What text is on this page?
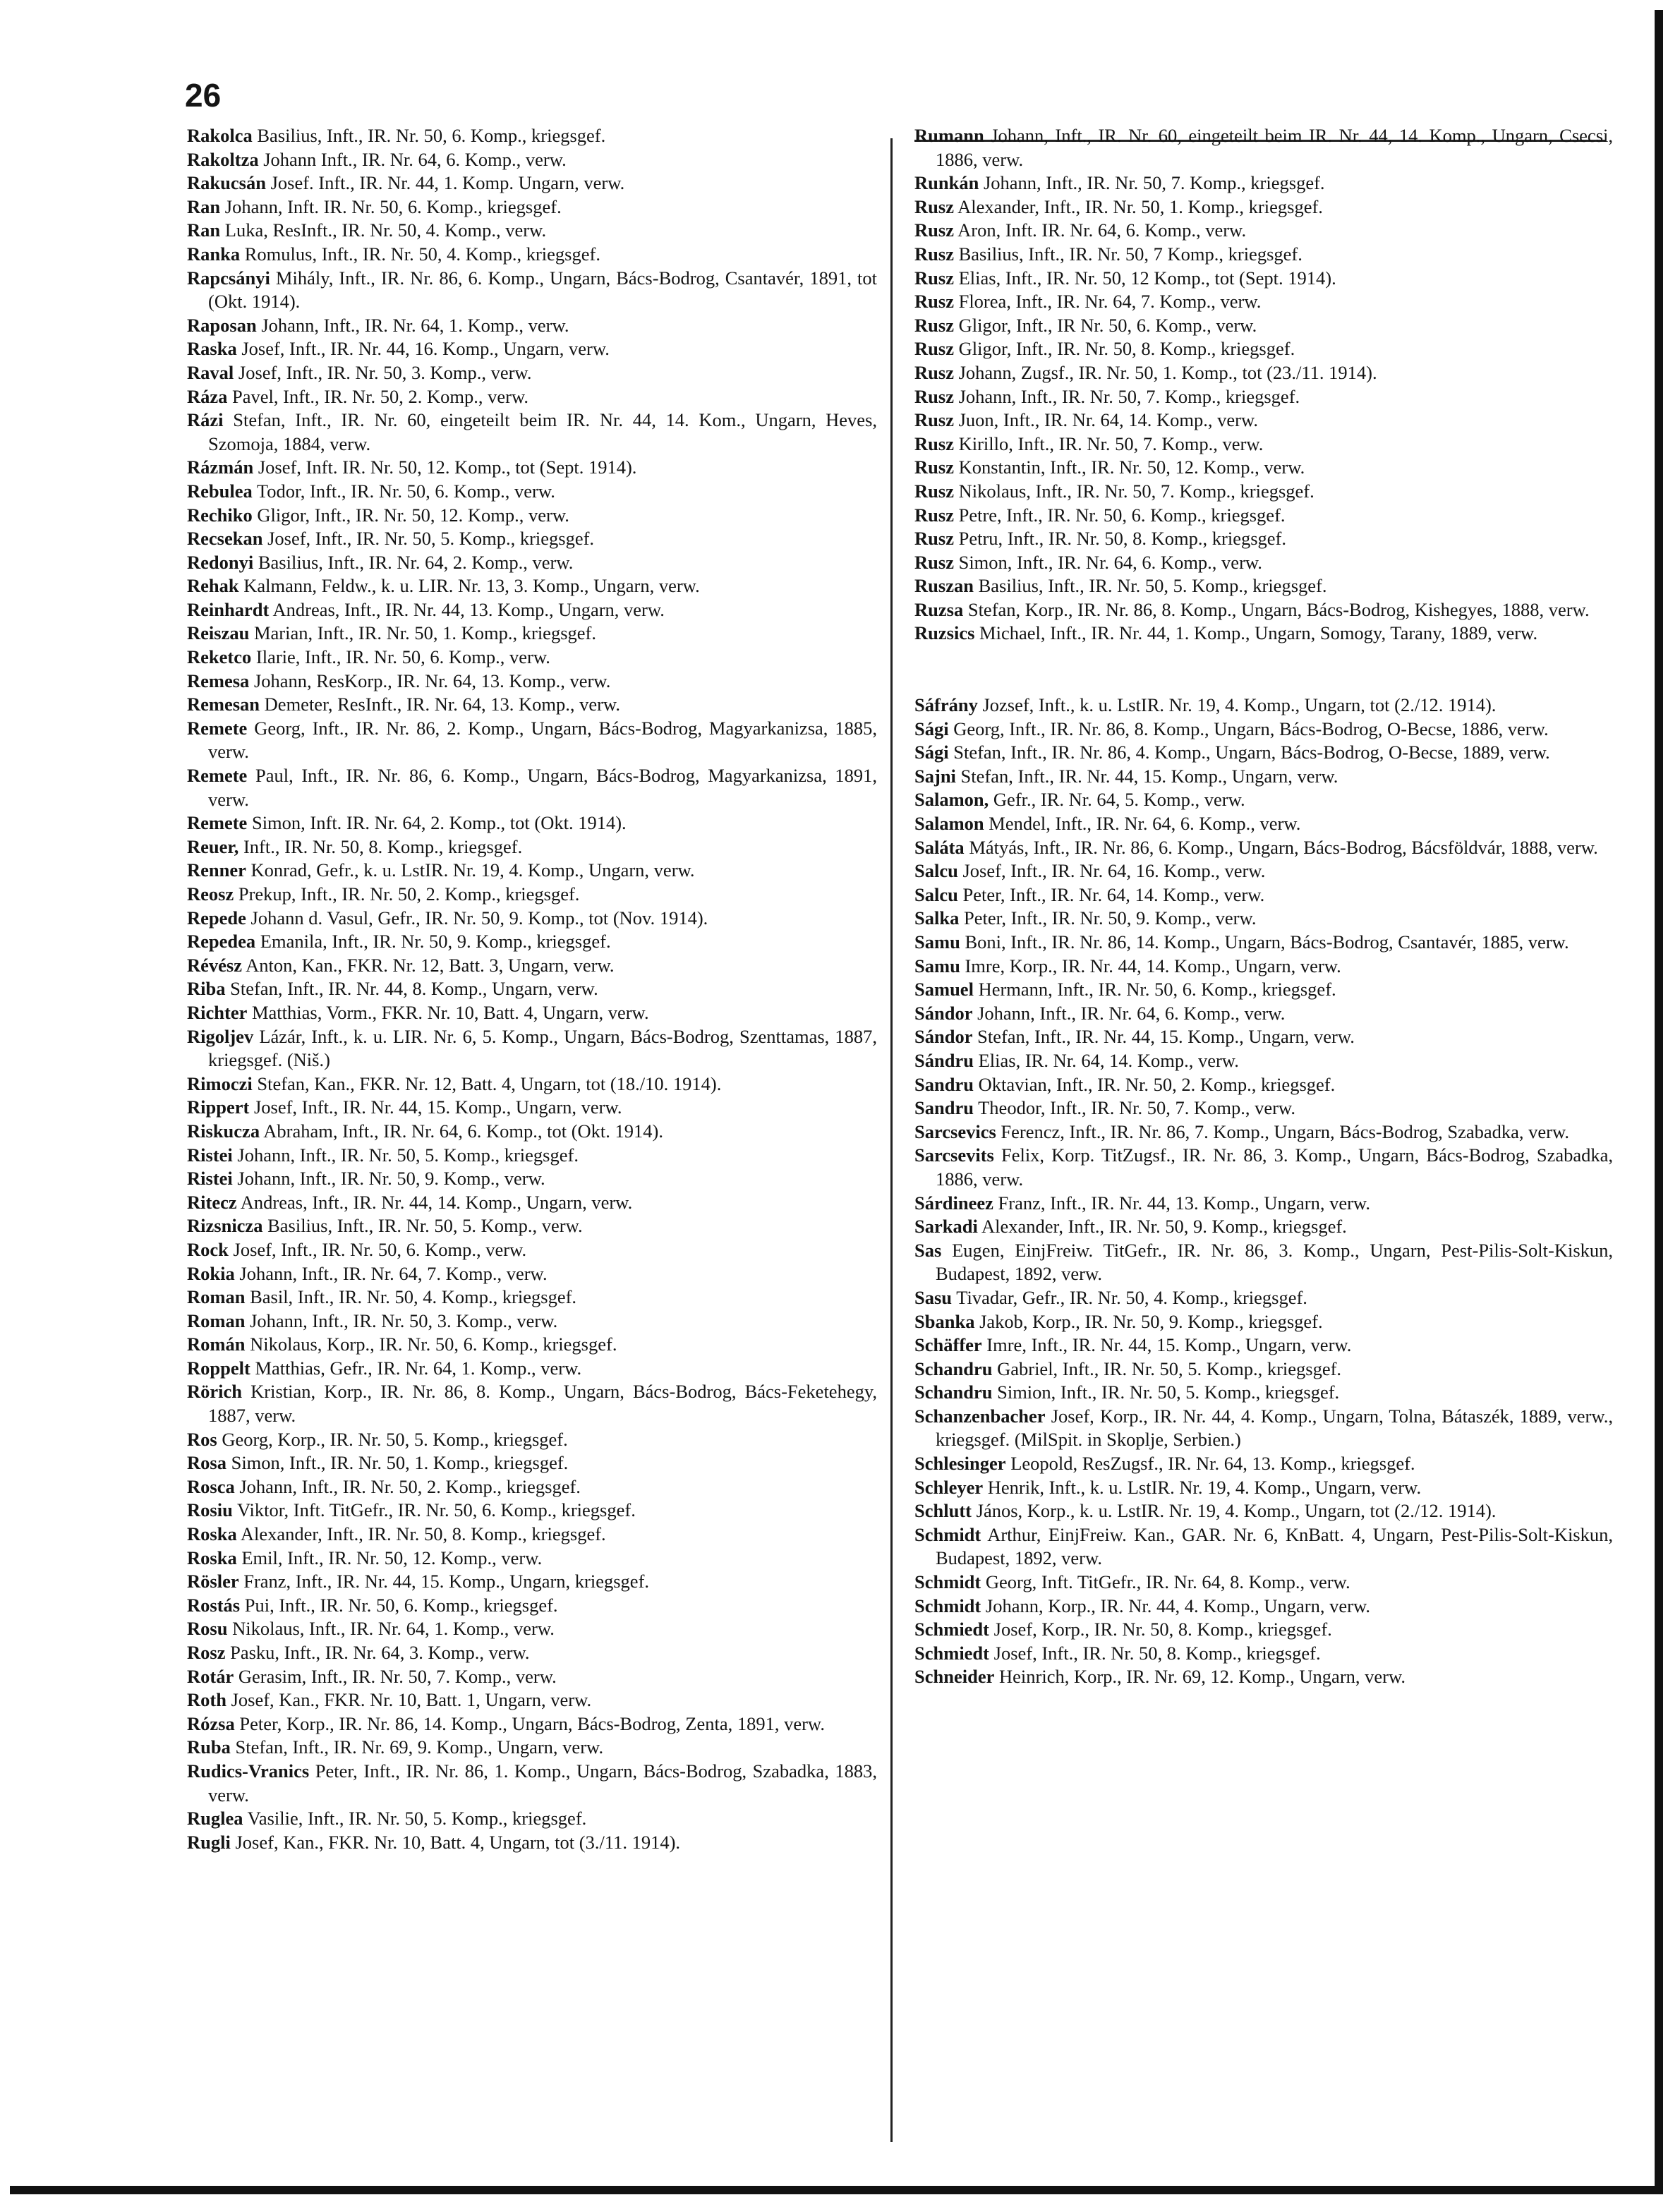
26
Rakolca Basilius, Inft., IR. Nr. 50, 6. Komp., kriegsgef.
Rakoltza Johann Inft., IR. Nr. 64, 6. Komp., verw.
Rakucsán Josef. Inft., IR. Nr. 44, 1. Komp. Ungarn, verw.
Ran Johann, Inft. IR. Nr. 50, 6. Komp., kriegsgef.
Ran Luka, ResInft., IR. Nr. 50, 4. Komp., verw.
Ranka Romulus, Inft., IR. Nr. 50, 4. Komp., kriegsgef.
Rapcsányi Mihály, Inft., IR. Nr. 86, 6. Komp., Ungarn, Bács-Bodrog, Csantavér, 1891, tot (Okt. 1914).
Raposan Johann, Inft., IR. Nr. 64, 1. Komp., verw.
Raska Josef, Inft., IR. Nr. 44, 16. Komp., Ungarn, verw.
Raval Josef, Inft., IR. Nr. 50, 3. Komp., verw.
Ráza Pavel, Inft., IR. Nr. 50, 2. Komp., verw.
Rázi Stefan, Inft., IR. Nr. 60, eingeteilt beim IR. Nr. 44, 14. Kom., Ungarn, Heves, Szomoja, 1884, verw.
Rázmán Josef, Inft. IR. Nr. 50, 12. Komp., tot (Sept. 1914).
Rebulea Todor, Inft., IR. Nr. 50, 6. Komp., verw.
Rechiko Gligor, Inft., IR. Nr. 50, 12. Komp., verw.
Recsekan Josef, Inft., IR. Nr. 50, 5. Komp., kriegsgef.
Redonyi Basilius, Inft., IR. Nr. 64, 2. Komp., verw.
Rehak Kalmann, Feldw., k. u. LIR. Nr. 13, 3. Komp., Ungarn, verw.
Reinhardt Andreas, Inft., IR. Nr. 44, 13. Komp., Ungarn, verw.
Reiszau Marian, Inft., IR. Nr. 50, 1. Komp., kriegsgef.
Reketco Ilarie, Inft., IR. Nr. 50, 6. Komp., verw.
Remesa Johann, ResKorp., IR. Nr. 64, 13. Komp., verw.
Remesan Demeter, ResInft., IR. Nr. 64, 13. Komp., verw.
Remete Georg, Inft., IR. Nr. 86, 2. Komp., Ungarn, Bács-Bodrog, Magyarkanizsa, 1885, verw.
Remete Paul, Inft., IR. Nr. 86, 6. Komp., Ungarn, Bács-Bodrog, Magyarkanizsa, 1891, verw.
Remete Simon, Inft. IR. Nr. 64, 2. Komp., tot (Okt. 1914).
Reuer, Inft., IR. Nr. 50, 8. Komp., kriegsgef.
Renner Konrad, Gefr., k. u. LstIR. Nr. 19, 4. Komp., Ungarn, verw.
Reosz Prekup, Inft., IR. Nr. 50, 2. Komp., kriegsgef.
Repede Johann d. Vasul, Gefr., IR. Nr. 50, 9. Komp., tot (Nov. 1914).
Repedea Emanila, Inft., IR. Nr. 50, 9. Komp., kriegsgef.
Révész Anton, Kan., FKR. Nr. 12, Batt. 3, Ungarn, verw.
Riba Stefan, Inft., IR. Nr. 44, 8. Komp., Ungarn, verw.
Richter Matthias, Vorm., FKR. Nr. 10, Batt. 4, Ungarn, verw.
Rigoljev Lázár, Inft., k. u. LIR. Nr. 6, 5. Komp., Ungarn, Bács-Bodrog, Szenttamas, 1887, kriegsgef. (Niš.)
Rimoczi Stefan, Kan., FKR. Nr. 12, Batt. 4, Ungarn, tot (18./10. 1914).
Rippert Josef, Inft., IR. Nr. 44, 15. Komp., Ungarn, verw.
Riskucza Abraham, Inft., IR. Nr. 64, 6. Komp., tot (Okt. 1914).
Ristei Johann, Inft., IR. Nr. 50, 5. Komp., kriegsgef.
Ristei Johann, Inft., IR. Nr. 50, 9. Komp., verw.
Ritecz Andreas, Inft., IR. Nr. 44, 14. Komp., Ungarn, verw.
Rizsnicza Basilius, Inft., IR. Nr. 50, 5. Komp., verw.
Rock Josef, Inft., IR. Nr. 50, 6. Komp., verw.
Rokia Johann, Inft., IR. Nr. 64, 7. Komp., verw.
Roman Basil, Inft., IR. Nr. 50, 4. Komp., kriegsgef.
Roman Johann, Inft., IR. Nr. 50, 3. Komp., verw.
Román Nikolaus, Korp., IR. Nr. 50, 6. Komp., kriegsgef.
Roppelt Matthias, Gefr., IR. Nr. 64, 1. Komp., verw.
Rörich Kristian, Korp., IR. Nr. 86, 8. Komp., Ungarn, Bács-Bodrog, Bács-Feketehegy, 1887, verw.
Ros Georg, Korp., IR. Nr. 50, 5. Komp., kriegsgef.
Rosa Simon, Inft., IR. Nr. 50, 1. Komp., kriegsgef.
Rosca Johann, Inft., IR. Nr. 50, 2. Komp., kriegsgef.
Rosiu Viktor, Inft. TitGefr., IR. Nr. 50, 6. Komp., kriegsgef.
Roska Alexander, Inft., IR. Nr. 50, 8. Komp., kriegsgef.
Roska Emil, Inft., IR. Nr. 50, 12. Komp., verw.
Rösler Franz, Inft., IR. Nr. 44, 15. Komp., Ungarn, kriegsgef.
Rostás Pui, Inft., IR. Nr. 50, 6. Komp., kriegsgef.
Rosu Nikolaus, Inft., IR. Nr. 64, 1. Komp., verw.
Rosz Pasku, Inft., IR. Nr. 64, 3. Komp., verw.
Rotár Gerasim, Inft., IR. Nr. 50, 7. Komp., verw.
Roth Josef, Kan., FKR. Nr. 10, Batt. 1, Ungarn, verw.
Rózsa Peter, Korp., IR. Nr. 86, 14. Komp., Ungarn, Bács-Bodrog, Zenta, 1891, verw.
Ruba Stefan, Inft., IR. Nr. 69, 9. Komp., Ungarn, verw.
Rudics-Vranics Peter, Inft., IR. Nr. 86, 1. Komp., Ungarn, Bács-Bodrog, Szabadka, 1883, verw.
Ruglea Vasilie, Inft., IR. Nr. 50, 5. Komp., kriegsgef.
Rugli Josef, Kan., FKR. Nr. 10, Batt. 4, Ungarn, tot (3./11. 1914).
Rumann Johann, Inft., IR. Nr. 60, eingeteilt beim IR. Nr. 44, 14. Komp., Ungarn, Csecsi, 1886, verw.
Runkán Johann, Inft., IR. Nr. 50, 7. Komp., kriegsgef.
Rusz Alexander, Inft., IR. Nr. 50, 1. Komp., kriegsgef.
Rusz Aron, Inft. IR. Nr. 64, 6. Komp., verw.
Rusz Basilius, Inft., IR. Nr. 50, 7 Komp., kriegsgef.
Rusz Elias, Inft., IR. Nr. 50, 12 Komp., tot (Sept. 1914).
Rusz Florea, Inft., IR. Nr. 64, 7. Komp., verw.
Rusz Gligor, Inft., IR Nr. 50, 6. Komp., verw.
Rusz Gligor, Inft., IR. Nr. 50, 8. Komp., kriegsgef.
Rusz Johann, Zugsf., IR. Nr. 50, 1. Komp., tot (23./11. 1914).
Rusz Johann, Inft., IR. Nr. 50, 7. Komp., kriegsgef.
Rusz Juon, Inft., IR. Nr. 64, 14. Komp., verw.
Rusz Kirillo, Inft., IR. Nr. 50, 7. Komp., verw.
Rusz Konstantin, Inft., IR. Nr. 50, 12. Komp., verw.
Rusz Nikolaus, Inft., IR. Nr. 50, 7. Komp., kriegsgef.
Rusz Petre, Inft., IR. Nr. 50, 6. Komp., kriegsgef.
Rusz Petru, Inft., IR. Nr. 50, 8. Komp., kriegsgef.
Rusz Simon, Inft., IR. Nr. 64, 6. Komp., verw.
Ruszan Basilius, Inft., IR. Nr. 50, 5. Komp., kriegsgef.
Ruzsa Stefan, Korp., IR. Nr. 86, 8. Komp., Ungarn, Bács-Bodrog, Kishegyes, 1888, verw.
Ruzsics Michael, Inft., IR. Nr. 44, 1. Komp., Ungarn, Somogy, Tarany, 1889, verw.
Sáfrány Jozsef, Inft., k. u. LstIR. Nr. 19, 4. Komp., Ungarn, tot (2./12. 1914).
Sági Georg, Inft., IR. Nr. 86, 8. Komp., Ungarn, Bács-Bodrog, O-Becse, 1886, verw.
Sági Stefan, Inft., IR. Nr. 86, 4. Komp., Ungarn, Bács-Bodrog, O-Becse, 1889, verw.
Sajni Stefan, Inft., IR. Nr. 44, 15. Komp., Ungarn, verw.
Salamon, Gefr., IR. Nr. 64, 5. Komp., verw.
Salamon Mendel, Inft., IR. Nr. 64, 6. Komp., verw.
Saláta Mátyás, Inft., IR. Nr. 86, 6. Komp., Ungarn, Bács-Bodrog, Bácsföldvár, 1888, verw.
Salcu Josef, Inft., IR. Nr. 64, 16. Komp., verw.
Salcu Peter, Inft., IR. Nr. 64, 14. Komp., verw.
Salka Peter, Inft., IR. Nr. 50, 9. Komp., verw.
Samu Boni, Inft., IR. Nr. 86, 14. Komp., Ungarn, Bács-Bodrog, Csantavér, 1885, verw.
Samu Imre, Korp., IR. Nr. 44, 14. Komp., Ungarn, verw.
Samuel Hermann, Inft., IR. Nr. 50, 6. Komp., kriegsgef.
Sándor Johann, Inft., IR. Nr. 64, 6. Komp., verw.
Sándor Stefan, Inft., IR. Nr. 44, 15. Komp., Ungarn, verw.
Sándru Elias, IR. Nr. 64, 14. Komp., verw.
Sandru Oktavian, Inft., IR. Nr. 50, 2. Komp., kriegsgef.
Sandru Theodor, Inft., IR. Nr. 50, 7. Komp., verw.
Sarcsevics Ferencz, Inft., IR. Nr. 86, 7. Komp., Ungarn, Bács-Bodrog, Szabadka, verw.
Sarcsevits Felix, Korp. TitZugsf., IR. Nr. 86, 3. Komp., Ungarn, Bács-Bodrog, Szabadka, 1886, verw.
Sárdineez Franz, Inft., IR. Nr. 44, 13. Komp., Ungarn, verw.
Sarkadi Alexander, Inft., IR. Nr. 50, 9. Komp., kriegsgef.
Sas Eugen, EinjFreiw. TitGefr., IR. Nr. 86, 3. Komp., Ungarn, Pest-Pilis-Solt-Kiskun, Budapest, 1892, verw.
Sasu Tivadar, Gefr., IR. Nr. 50, 4. Komp., kriegsgef.
Sbanka Jakob, Korp., IR. Nr. 50, 9. Komp., kriegsgef.
Schäffer Imre, Inft., IR. Nr. 44, 15. Komp., Ungarn, verw.
Schandru Gabriel, Inft., IR. Nr. 50, 5. Komp., kriegsgef.
Schandru Simion, Inft., IR. Nr. 50, 5. Komp., kriegsgef.
Schanzenbacher Josef, Korp., IR. Nr. 44, 4. Komp., Ungarn, Tolna, Bátaszék, 1889, verw., kriegsgef. (MilSpit. in Skoplje, Serbien.)
Schlesinger Leopold, ResZugsf., IR. Nr. 64, 13. Komp., kriegsgef.
Schleyer Henrik, Inft., k. u. LstIR. Nr. 19, 4. Komp., Ungarn, verw.
Schlutt János, Korp., k. u. LstIR. Nr. 19, 4. Komp., Ungarn, tot (2./12. 1914).
Schmidt Arthur, EinjFreiw. Kan., GAR. Nr. 6, KnBatt. 4, Ungarn, Pest-Pilis-Solt-Kiskun, Budapest, 1892, verw.
Schmidt Georg, Inft. TitGefr., IR. Nr. 64, 8. Komp., verw.
Schmidt Johann, Korp., IR. Nr. 44, 4. Komp., Ungarn, verw.
Schmiedt Josef, Korp., IR. Nr. 50, 8. Komp., kriegsgef.
Schmiedt Josef, Inft., IR. Nr. 50, 8. Komp., kriegsgef.
Schneider Heinrich, Korp., IR. Nr. 69, 12. Komp., Ungarn, verw.
